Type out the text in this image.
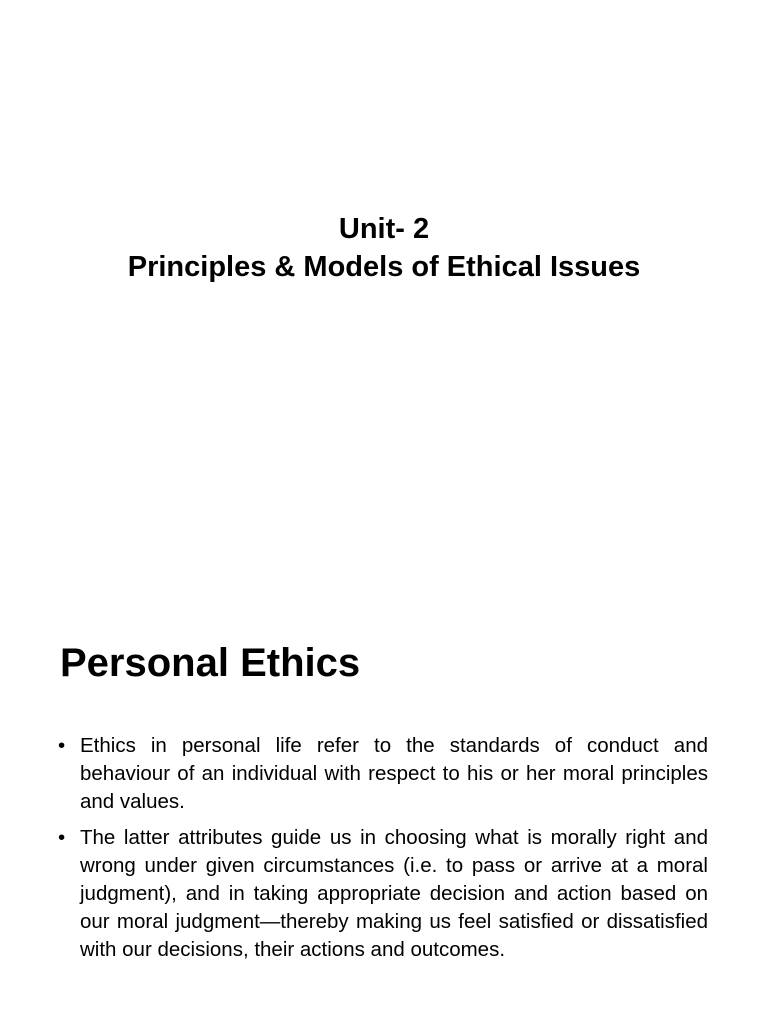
Unit- 2
Principles & Models of Ethical Issues
Personal Ethics
• Ethics in personal life refer to the standards of conduct and behaviour of an individual with respect to his or her moral principles and values.
• The latter attributes guide us in choosing what is morally right and wrong under given circumstances (i.e. to pass or arrive at a moral judgment), and in taking appropriate decision and action based on our moral judgment—thereby making us feel satisfied or dissatisfied with our decisions, their actions and outcomes.
